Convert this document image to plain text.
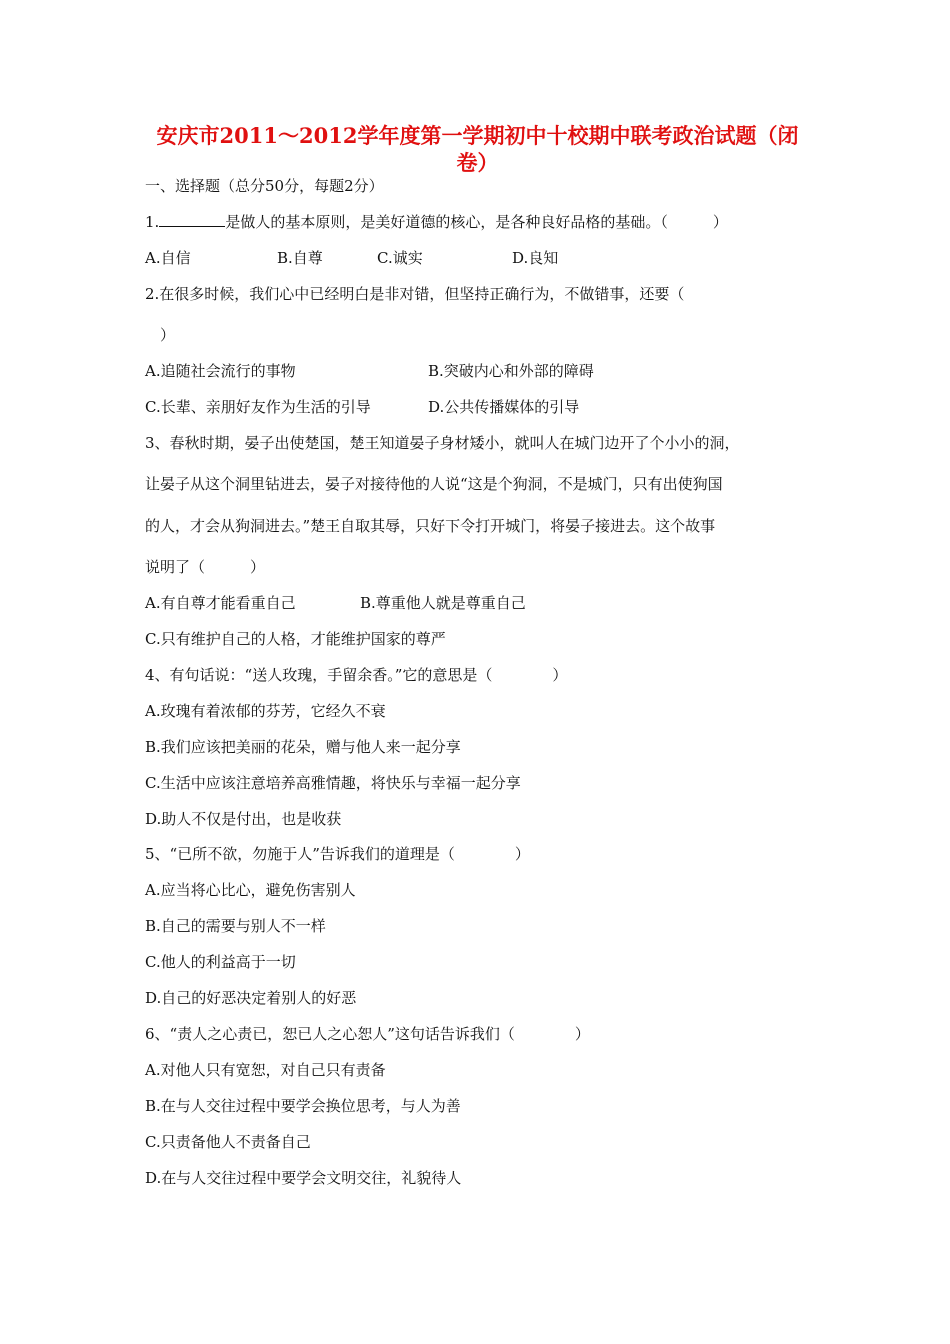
安庆市2011～2012学年度第一学期初中十校期中联考政治试题（闭
卷）
一、选择题（总分50分，每题2分）
1.	是做人的基本原则，是美好道德的核心，是各种良好品格的基础。（　　　）
A.自信	B.自尊	C.诚实	D.良知
2.在很多时候，我们心中已经明白是非对错，但坚持正确行为，不做错事，还要（
）
A.追随社会流行的事物	B.突破内心和外部的障碍
C.长辈、亲朋好友作为生活的引导	D.公共传播媒体的引导
3、春秋时期，晏子出使楚国，楚王知道晏子身材矮小，就叫人在城门边开了个小小的洞，
让晏子从这个洞里钻进去，晏子对接待他的人说“这是个狗洞，不是城门，只有出使狗国
的人，才会从狗洞进去。”楚王自取其辱，只好下令打开城门，将晏子接进去。这个故事
说明了（　　　）
A.有自尊才能看重自己	B.尊重他人就是尊重自己
C.只有维护自己的人格，才能维护国家的尊严
4、有句话说：“送人玫瑰，手留余香。”它的意思是（　　　　）
A.玫瑰有着浓郁的芬芳，它经久不衰
B.我们应该把美丽的花朵，赠与他人来一起分享
C.生活中应该注意培养高雅情趣，将快乐与幸福一起分享
D.助人不仅是付出，也是收获
5、“已所不欲，勿施于人”告诉我们的道理是（　　　　）
A.应当将心比心，避免伤害别人
B.自己的需要与别人不一样
C.他人的利益高于一切
D.自己的好恶决定着别人的好恶
6、“责人之心责已，恕已人之心恕人”这句话告诉我们（　　　　）
A.对他人只有宽恕，对自己只有责备
B.在与人交往过程中要学会换位思考，与人为善
C.只责备他人不责备自己
D.在与人交往过程中要学会文明交往，礼貌待人
